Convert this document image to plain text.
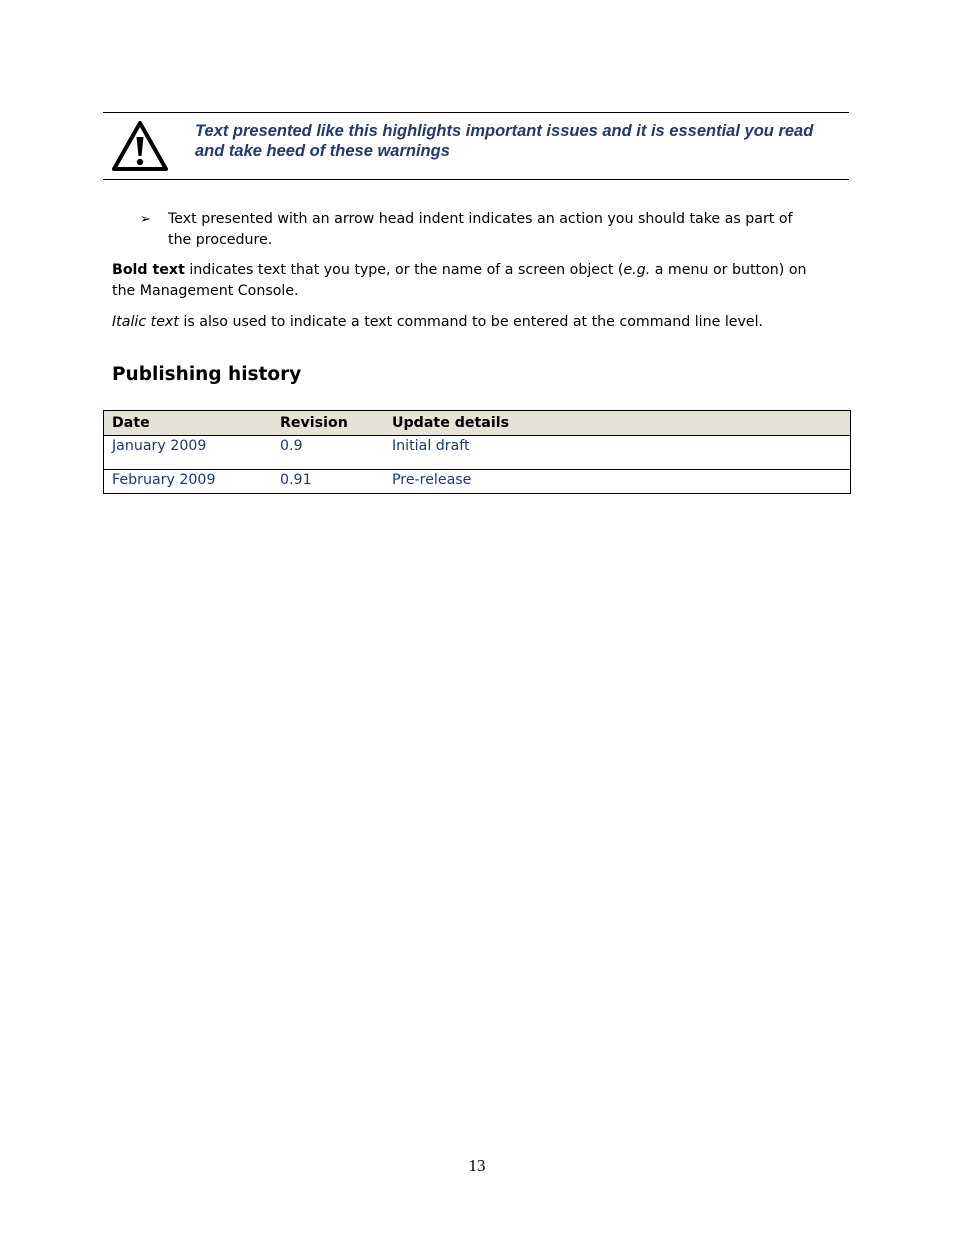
Text presented like this highlights important issues and it is essential you read and take heed of these warnings
➢ Text presented with an arrow head indent indicates an action you should take as part of the procedure.
Bold text indicates text that you type, or the name of a screen object (e.g. a menu or button) on the Management Console.
Italic text is also used to indicate a text command to be entered at the command line level.
Publishing history
Date	Revision	Update details
January 2009	0.9	Initial draft
February 2009	0.91	Pre-release
13
